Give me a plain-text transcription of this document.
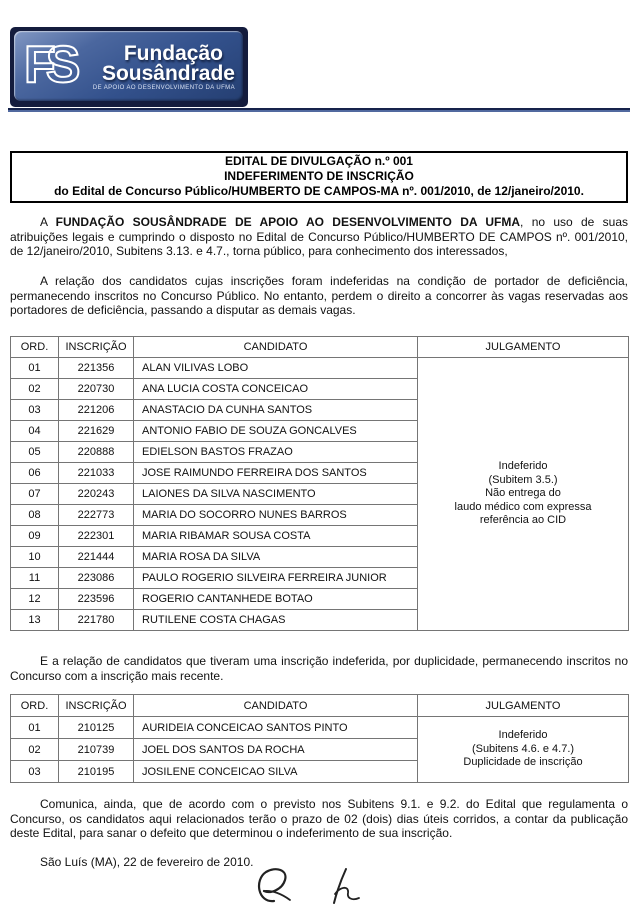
FS	Fundação
Sousândrade
DE APOIO AO DESENVOLVIMENTO DA UFMA
EDITAL DE DIVULGAÇÃO n.º 001
INDEFERIMENTO DE INSCRIÇÃO
do Edital de Concurso Público/HUMBERTO DE CAMPOS-MA nº. 001/2010, de 12/janeiro/2010.

A FUNDAÇÃO SOUSÂNDRADE DE APOIO AO DESENVOLVIMENTO DA UFMA, no uso de suas atribuições legais e cumprindo o disposto no Edital de Concurso Público/HUMBERTO DE CAMPOS nº. 001/2010, de 12/janeiro/2010, Subitens 3.13. e 4.7., torna público, para conhecimento dos interessados,

A relação dos candidatos cujas inscrições foram indeferidas na condição de portador de deficiência, permanecendo inscritos no Concurso Público. No entanto, perdem o direito a concorrer às vagas reservadas aos portadores de deficiência, passando a disputar as demais vagas.

ORD.	INSCRIÇÃO	CANDIDATO	JULGAMENTO
01	221356	ALAN VILIVAS LOBO	Indeferido
(Subitem 3.5.)
Não entrega do
laudo médico com expressa
referência ao CID

02	220730	ANA LUCIA COSTA CONCEICAO	
03	221206	ANASTACIO DA CUNHA SANTOS	
04	221629	ANTONIO FABIO DE SOUZA GONCALVES	
05	220888	EDIELSON BASTOS FRAZAO	
06	221033	JOSE RAIMUNDO FERREIRA DOS SANTOS	
07	220243	LAIONES DA SILVA NASCIMENTO	
08	222773	MARIA DO SOCORRO NUNES BARROS	
09	222301	MARIA RIBAMAR SOUSA COSTA	
10	221444	MARIA ROSA DA SILVA	
11	223086	PAULO ROGERIO SILVEIRA FERREIRA JUNIOR	
12	223596	ROGERIO CANTANHEDE BOTAO	
13	221780	RUTILENE COSTA CHAGAS	

E a relação de candidatos que tiveram uma inscrição indeferida, por duplicidade, permanecendo inscritos no Concurso com a inscrição mais recente.

ORD.	INSCRIÇÃO	CANDIDATO	JULGAMENTO
01	210125	AURIDEIA CONCEICAO SANTOS PINTO	Indeferido
(Subitens 4.6. e 4.7.)
Duplicidade de inscrição

02	210739	JOEL DOS SANTOS DA ROCHA	
03	210195	JOSILENE CONCEICAO SILVA	

Comunica, ainda, que de acordo com o previsto nos Subitens 9.1. e 9.2. do Edital que regulamenta o Concurso, os candidatos aqui relacionados terão o prazo de 02 (dois) dias úteis corridos, a contar da publicação deste Edital, para sanar o defeito que determinou o indeferimento de sua inscrição.

São Luís (MA), 22 de fevereiro de 2010.
